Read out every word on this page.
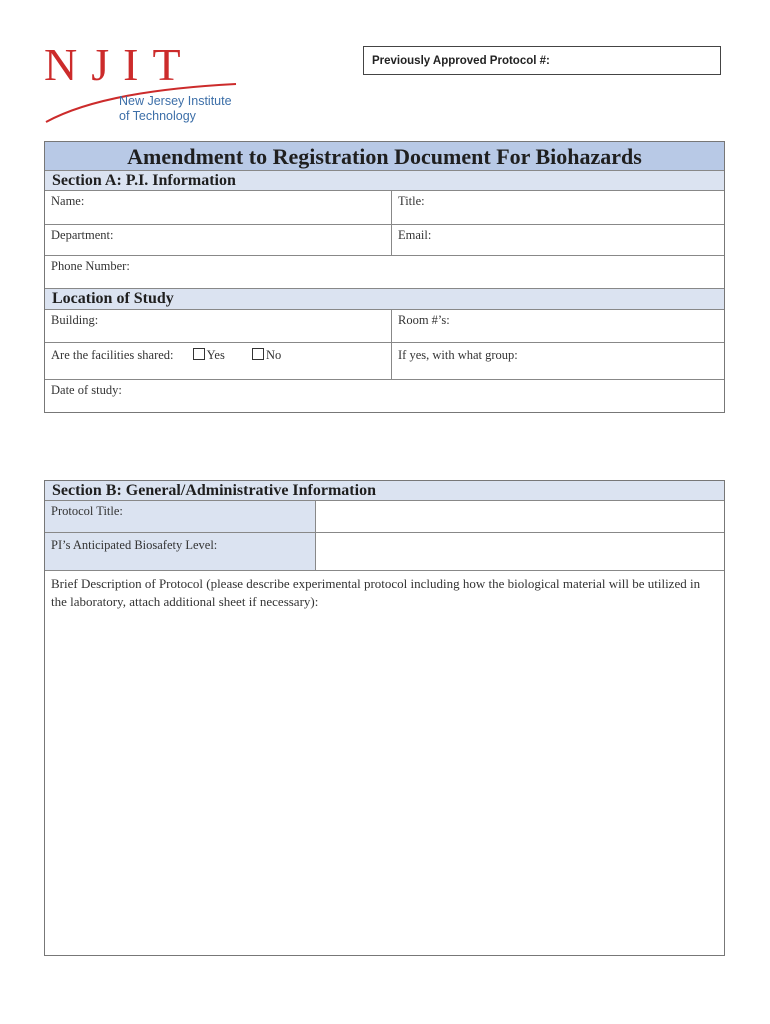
NJIT
New Jersey Institute
of Technology
Previously Approved Protocol #:
Amendment to Registration Document For Biohazards
Section A: P.I. Information
Name:	Title:
Department:	Email:
Phone Number:
Location of Study
Building:	Room #’s:
Are the facilities shared:	Yes	No	If yes, with what group:
Date of study:
Section B: General/Administrative Information
Protocol Title:
PI’s Anticipated Biosafety Level:
Brief Description of Protocol (please describe experimental protocol including how the biological material will be utilized in the laboratory, attach additional sheet if necessary):
